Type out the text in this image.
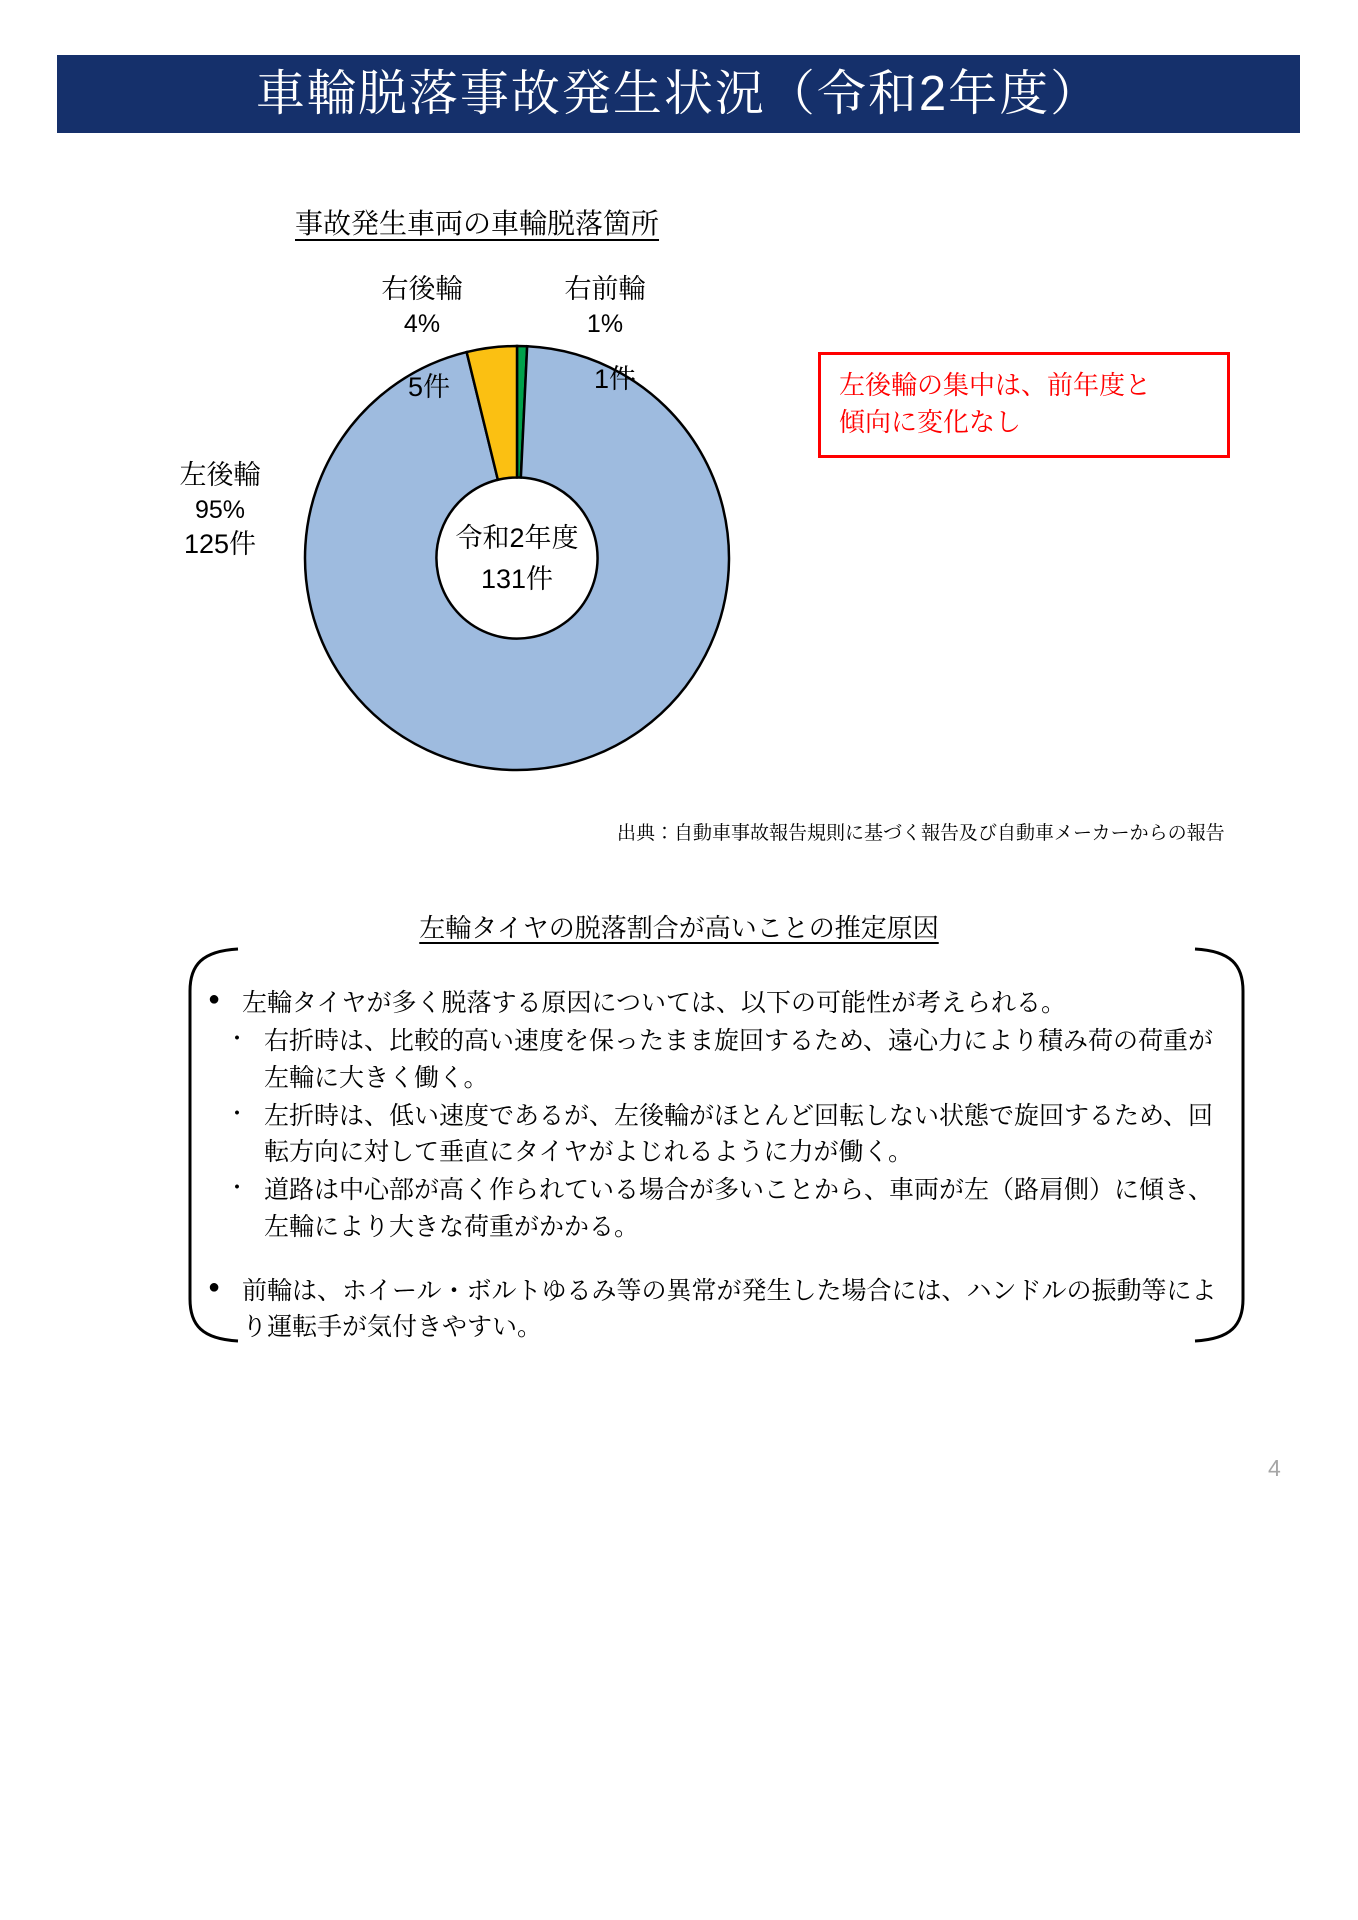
車輪脱落事故発生状況（令和2年度）
事故発生車両の車輪脱落箇所
令和2年度
131件
右後輪
4%
5件
右前輪
1%
1件
左後輪
95%
125件
左後輪の集中は、前年度と
傾向に変化なし
出典：自動車事故報告規則に基づく報告及び自動車メーカーからの報告
左輪タイヤの脱落割合が高いことの推定原因
● 左輪タイヤが多く脱落する原因については、以下の可能性が考えられる。
・ 右折時は、比較的高い速度を保ったまま旋回するため、遠心力により積み荷の荷重が左輪に大きく働く。
・ 左折時は、低い速度であるが、左後輪がほとんど回転しない状態で旋回するため、回転方向に対して垂直にタイヤがよじれるように力が働く。
・ 道路は中心部が高く作られている場合が多いことから、車両が左（路肩側）に傾き、左輪により大きな荷重がかかる。
● 前輪は、ホイール・ボルトゆるみ等の異常が発生した場合には、ハンドルの振動等により運転手が気付きやすい。
4
